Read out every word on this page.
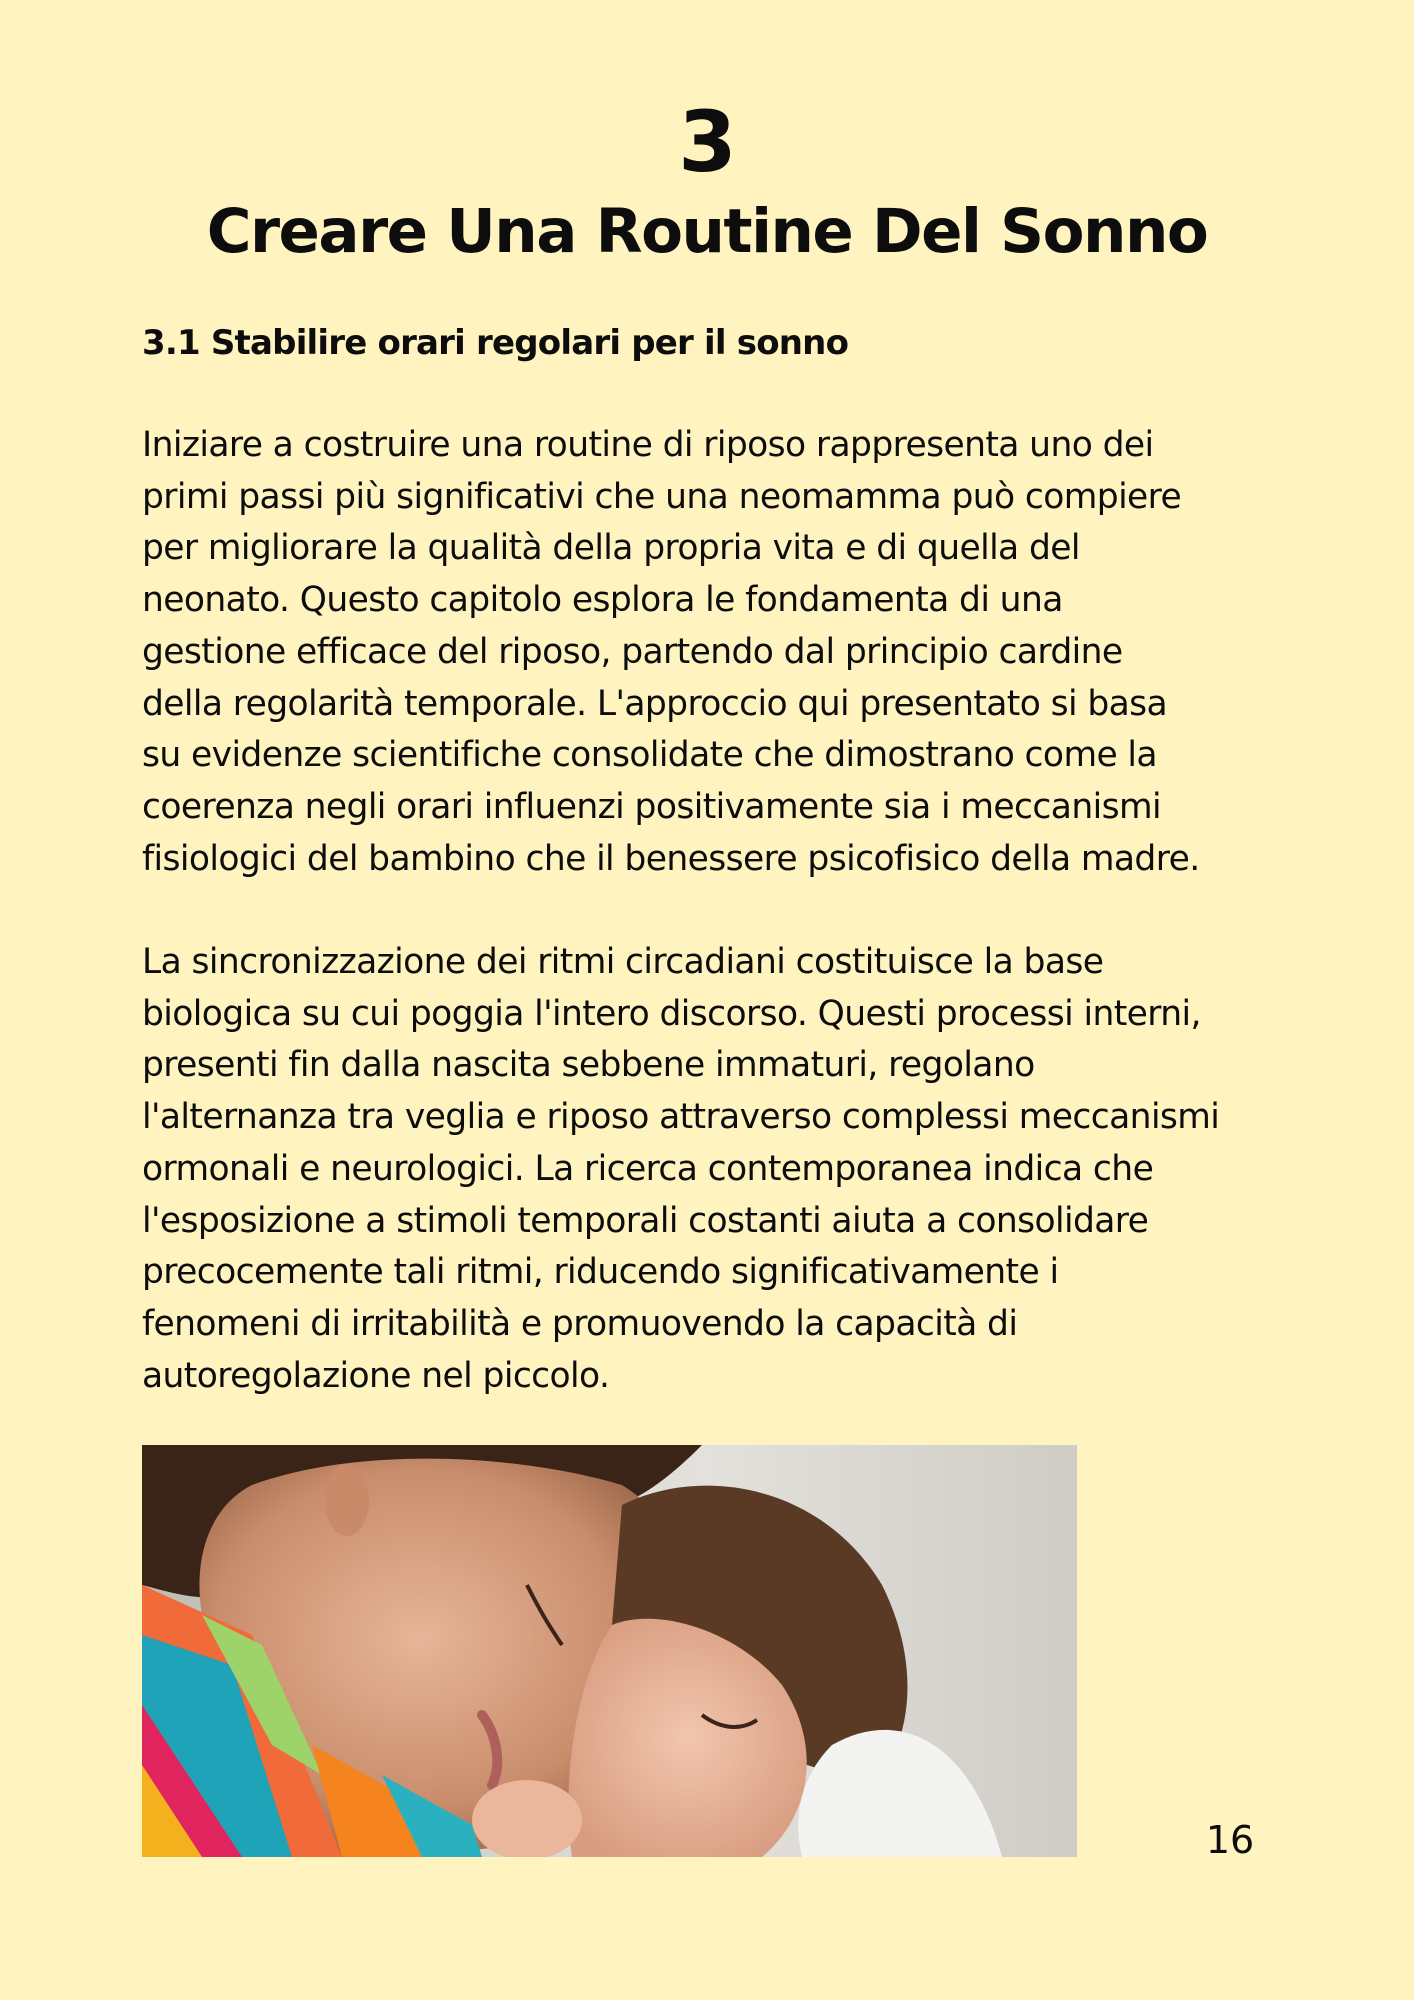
3
Creare Una Routine Del Sonno
3.1 Stabilire orari regolari per il sonno

Iniziare a costruire una routine di riposo rappresenta uno dei
primi passi più significativi che una neomamma può compiere
per migliorare la qualità della propria vita e di quella del
neonato. Questo capitolo esplora le fondamenta di una
gestione efficace del riposo, partendo dal principio cardine
della regolarità temporale. L'approccio qui presentato si basa
su evidenze scientifiche consolidate che dimostrano come la
coerenza negli orari influenzi positivamente sia i meccanismi
fisiologici del bambino che il benessere psicofisico della madre.

La sincronizzazione dei ritmi circadiani costituisce la base
biologica su cui poggia l'intero discorso. Questi processi interni,
presenti fin dalla nascita sebbene immaturi, regolano
l'alternanza tra veglia e riposo attraverso complessi meccanismi
ormonali e neurologici. La ricerca contemporanea indica che
l'esposizione a stimoli temporali costanti aiuta a consolidare
precocemente tali ritmi, riducendo significativamente i
fenomeni di irritabilità e promuovendo la capacità di
autoregolazione nel piccolo.

16
